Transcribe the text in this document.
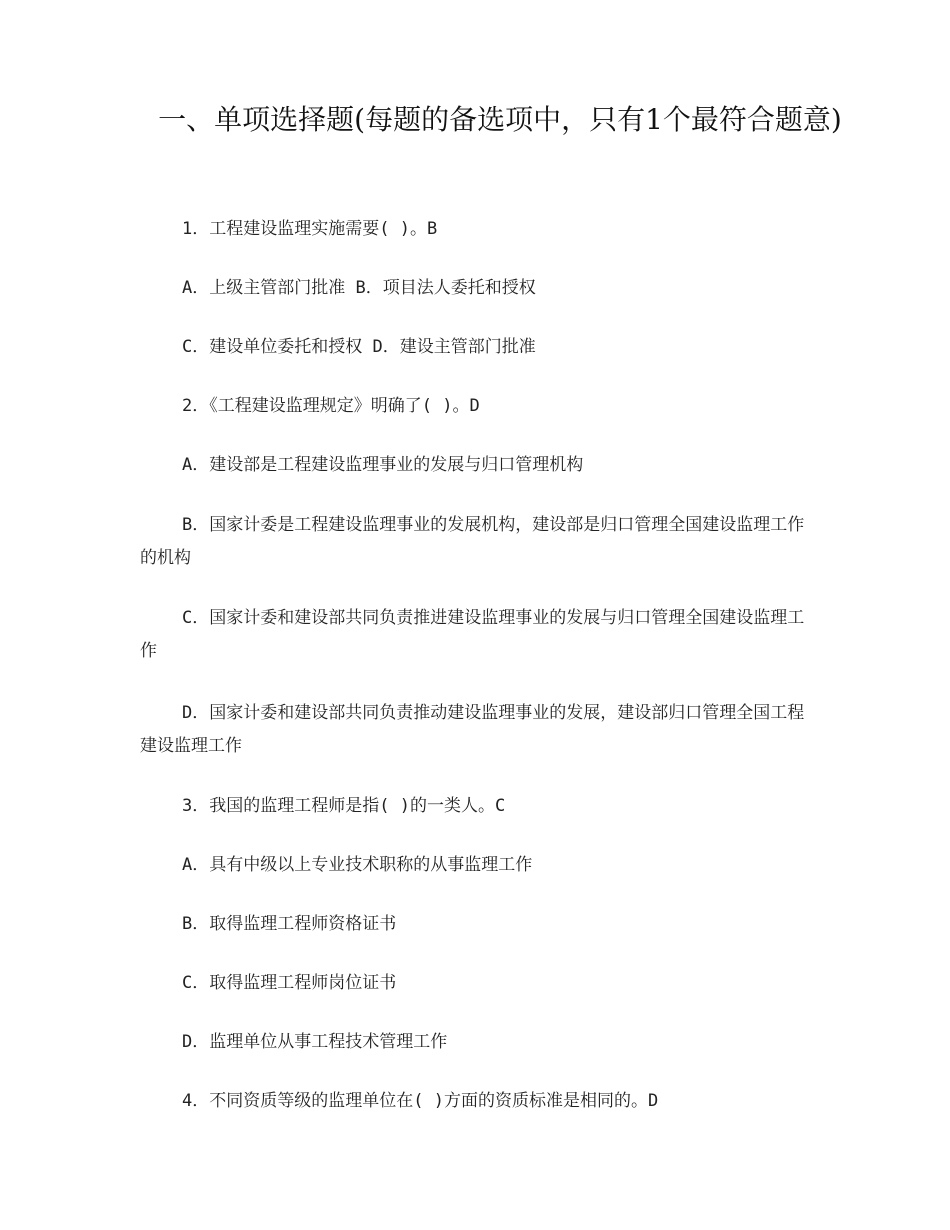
一、单项选择题(每题的备选项中，只有1个最符合题意)
1．工程建设监理实施需要( )。B
A．上级主管部门批准 B．项目法人委托和授权
C．建设单位委托和授权 D．建设主管部门批准
2．《工程建设监理规定》明确了( )。D
A．建设部是工程建设监理事业的发展与归口管理机构
B．国家计委是工程建设监理事业的发展机构，建设部是归口管理全国建设监理工作的机构
C．国家计委和建设部共同负责推进建设监理事业的发展与归口管理全国建设监理工作
D．国家计委和建设部共同负责推动建设监理事业的发展，建设部归口管理全国工程建设监理工作
3．我国的监理工程师是指( )的一类人。C
A．具有中级以上专业技术职称的从事监理工作
B．取得监理工程师资格证书
C．取得监理工程师岗位证书
D．监理单位从事工程技术管理工作
4．不同资质等级的监理单位在( )方面的资质标准是相同的。D
